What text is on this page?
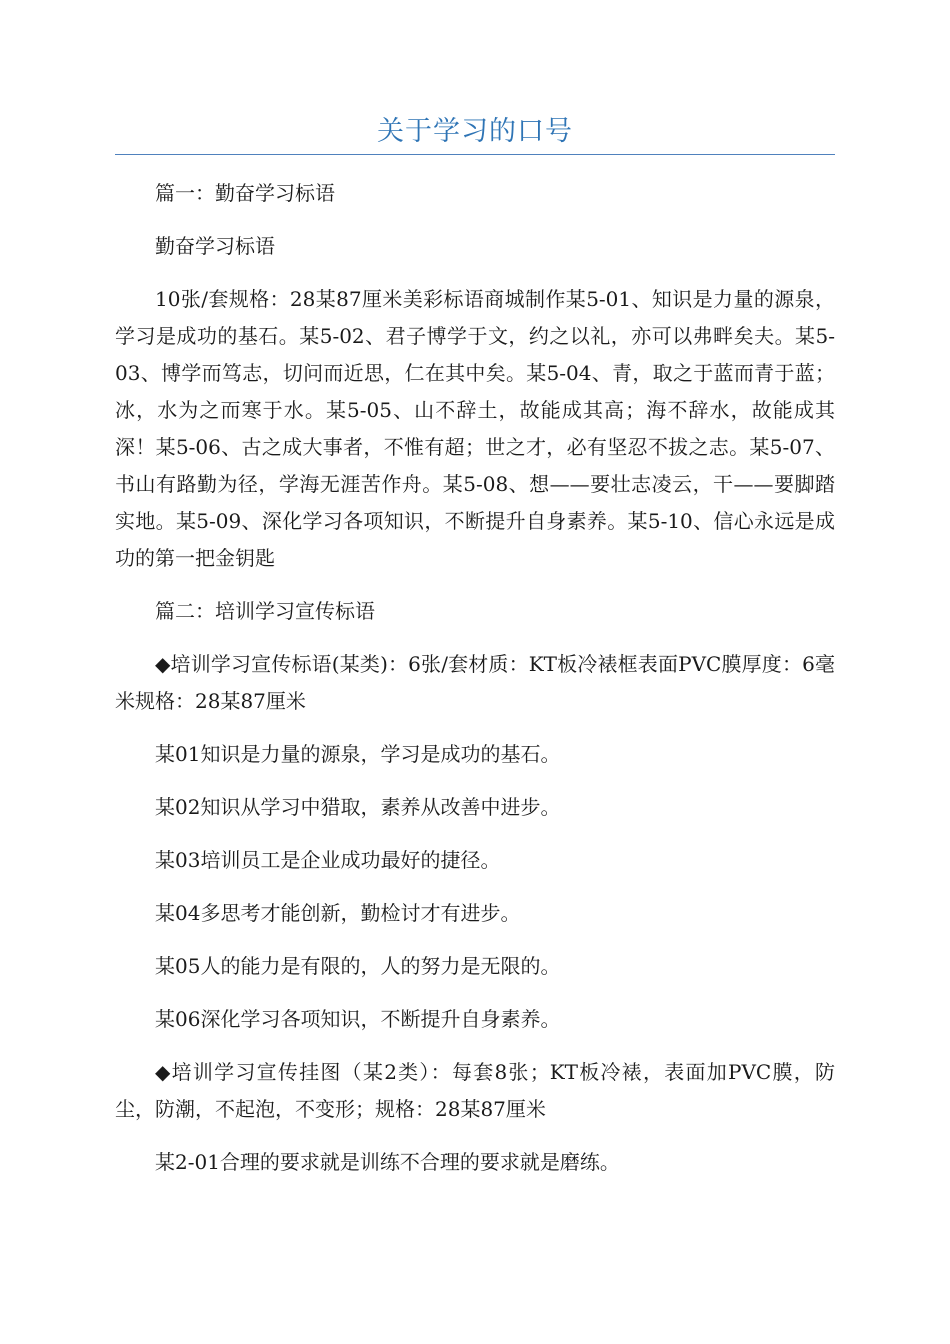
关于学习的口号

篇一：勤奋学习标语

勤奋学习标语

10张/套规格：28某87厘米美彩标语商城制作某5-01、知识是力量的源泉，学习是成功的基石。某5-02、君子博学于文，约之以礼，亦可以弗畔矣夫。某5-03、博学而笃志，切问而近思，仁在其中矣。某5-04、青，取之于蓝而青于蓝；冰，水为之而寒于水。某5-05、山不辞土，故能成其高；海不辞水，故能成其深！某5-06、古之成大事者，不惟有超；世之才，必有坚忍不拔之志。某5-07、书山有路勤为径，学海无涯苦作舟。某5-08、想——要壮志凌云，干——要脚踏实地。某5-09、深化学习各项知识，不断提升自身素养。某5-10、信心永远是成功的第一把金钥匙

篇二：培训学习宣传标语

◆培训学习宣传标语(某类)：6张/套材质：KT板冷裱框表面PVC膜厚度：6毫米规格：28某87厘米

某01知识是力量的源泉，学习是成功的基石。

某02知识从学习中猎取，素养从改善中进步。

某03培训员工是企业成功最好的捷径。

某04多思考才能创新，勤检讨才有进步。

某05人的能力是有限的，人的努力是无限的。

某06深化学习各项知识，不断提升自身素养。

◆培训学习宣传挂图（某2类）：每套8张；KT板冷裱，表面加PVC膜，防尘，防潮，不起泡，不变形；规格：28某87厘米

某2-01合理的要求就是训练不合理的要求就是磨练。
